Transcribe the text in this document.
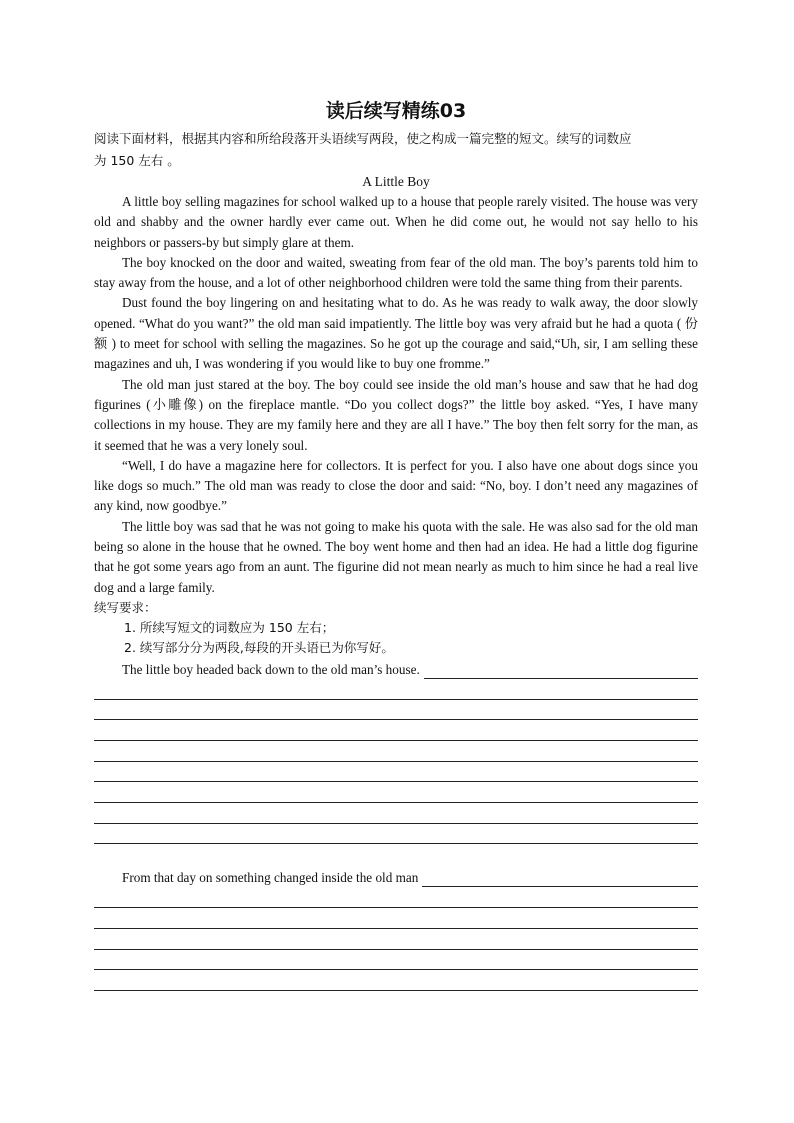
读后续写精练03

阅读下面材料，根据其内容和所给段落开头语续写两段，使之构成一篇完整的短文。续写的词数应

为 150 左右 。

A Little Boy

A little boy selling magazines for school walked up to a house that people rarely visited. The house was very old and shabby and the owner hardly ever came out. When he did come out, he would not say hello to his neighbors or passers-by but simply glare at them.

The boy knocked on the door and waited, sweating from fear of the old man. The boy’s parents told him to stay away from the house, and a lot of other neighborhood children were told the same thing from their parents.

Dust found the boy lingering on and hesitating what to do. As he was ready to walk away, the door slowly opened. “What do you want?” the old man said impatiently. The little boy was very afraid but he had a quota ( 份 额 ) to meet for school with selling the magazines. So he got up the courage and said,“Uh, sir, I am selling these magazines and uh, I was wondering if you would like to buy one fromme.”

The old man just stared at the boy. The boy could see inside the old man’s house and saw that he had dog figurines (小雕像) on the fireplace mantle. “Do you collect dogs?” the little boy asked. “Yes, I have many collections in my house. They are my family here and they are all I have.” The boy then felt sorry for the man, as it seemed that he was a very lonely soul.

“Well, I do have a magazine here for collectors. It is perfect for you. I also have one about dogs since you like dogs so much.” The old man was ready to close the door and said: “No, boy. I don’t need any magazines of any kind, now goodbye.”

The little boy was sad that he was not going to make his quota with the sale. He was also sad for the old man being so alone in the house that he owned. The boy went home and then had an idea. He had a little dog figurine that he got some years ago from an aunt. The figurine did not mean nearly as much to him since he had a real live dog and a large family.

续写要求：

1. 所续写短文的词数应为 150 左右；

2. 续写部分分为两段,每段的开头语已为你写好。

The little boy headed back down to the old man’s house.
From that day on something changed inside the old man
